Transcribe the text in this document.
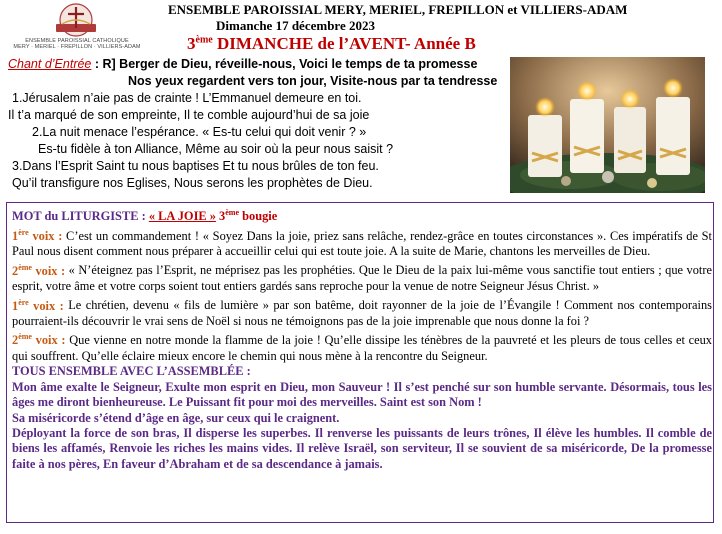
ENSEMBLE PAROISSIAL CATHOLIQUE
MERY · MERIEL · FREPILLON · VILLIERS-ADAM
ENSEMBLE PAROISSIAL MERY, MERIEL, FREPILLON et VILLIERS-ADAM
Dimanche 17 décembre 2023
3ème DIMANCHE de l’AVENT- Année B
Chant d’Entrée : R] Berger de Dieu, réveille-nous, Voici le temps de ta promesse
Nos yeux regardent vers ton jour, Visite-nous par ta tendresse
1.Jérusalem n’aie pas de crainte ! L’Emmanuel demeure en toi.
Il t’a marqué de son empreinte, Il te comble aujourd’hui de sa joie
2.La nuit menace l’espérance. « Es-tu celui qui doit venir ? »
Es-tu fidèle à ton Alliance, Même au soir où la peur nous saisit ?
3.Dans l’Esprit Saint tu nous baptises Et tu nous brûles de ton feu.
Qu’il transfigure nos Eglises, Nous serons les prophètes de Dieu.

MOT du LITURGISTE : « LA JOIE » 3ème bougie

1ère voix : C’est un commandement ! « Soyez Dans la joie, priez sans relâche, rendez-grâce en toutes circonstances ». Ces impératifs de St Paul nous disent comment nous préparer à accueillir celui qui est toute joie. A la suite de Marie, chantons les merveilles de Dieu.

2ème voix : « N’éteignez pas l’Esprit, ne méprisez pas les prophéties. Que le Dieu de la paix lui-même vous sanctifie tout entiers ; que votre esprit, votre âme et votre corps soient tout entiers gardés sans reproche pour la venue de notre Seigneur Jésus Christ. »

1ère voix : Le chrétien, devenu « fils de lumière » par son batême, doit rayonner de la joie de l’Évangile ! Comment nos contemporains pourraient-ils découvrir le vrai sens de Noël si nous ne témoignons pas de la joie imprenable que nous donne la foi ?

2ème voix : Que vienne en notre monde la flamme de la joie ! Qu’elle dissipe les ténèbres de la pauvreté et les pleurs de tous celles et ceux qui souffrent. Qu’elle éclaire mieux encore le chemin qui nous mène à la rencontre du Seigneur.

TOUS ENSEMBLE AVEC L’ASSEMBLÉE :

Mon âme exalte le Seigneur, Exulte mon esprit en Dieu, mon Sauveur ! Il s’est penché sur son humble servante. Désormais, tous les âges me diront bienheureuse. Le Puissant fit pour moi des merveilles. Saint est son Nom !

Sa miséricorde s’étend d’âge en âge, sur ceux qui le craignent.

Déployant la force de son bras, Il disperse les superbes. Il renverse les puissants de leurs trônes, Il élève les humbles. Il comble de biens les affamés, Renvoie les riches les mains vides. Il relève Israël, son serviteur, Il se souvient de sa miséricorde, De la promesse faite à nos pères, En faveur d’Abraham et de sa descendance à jamais.
